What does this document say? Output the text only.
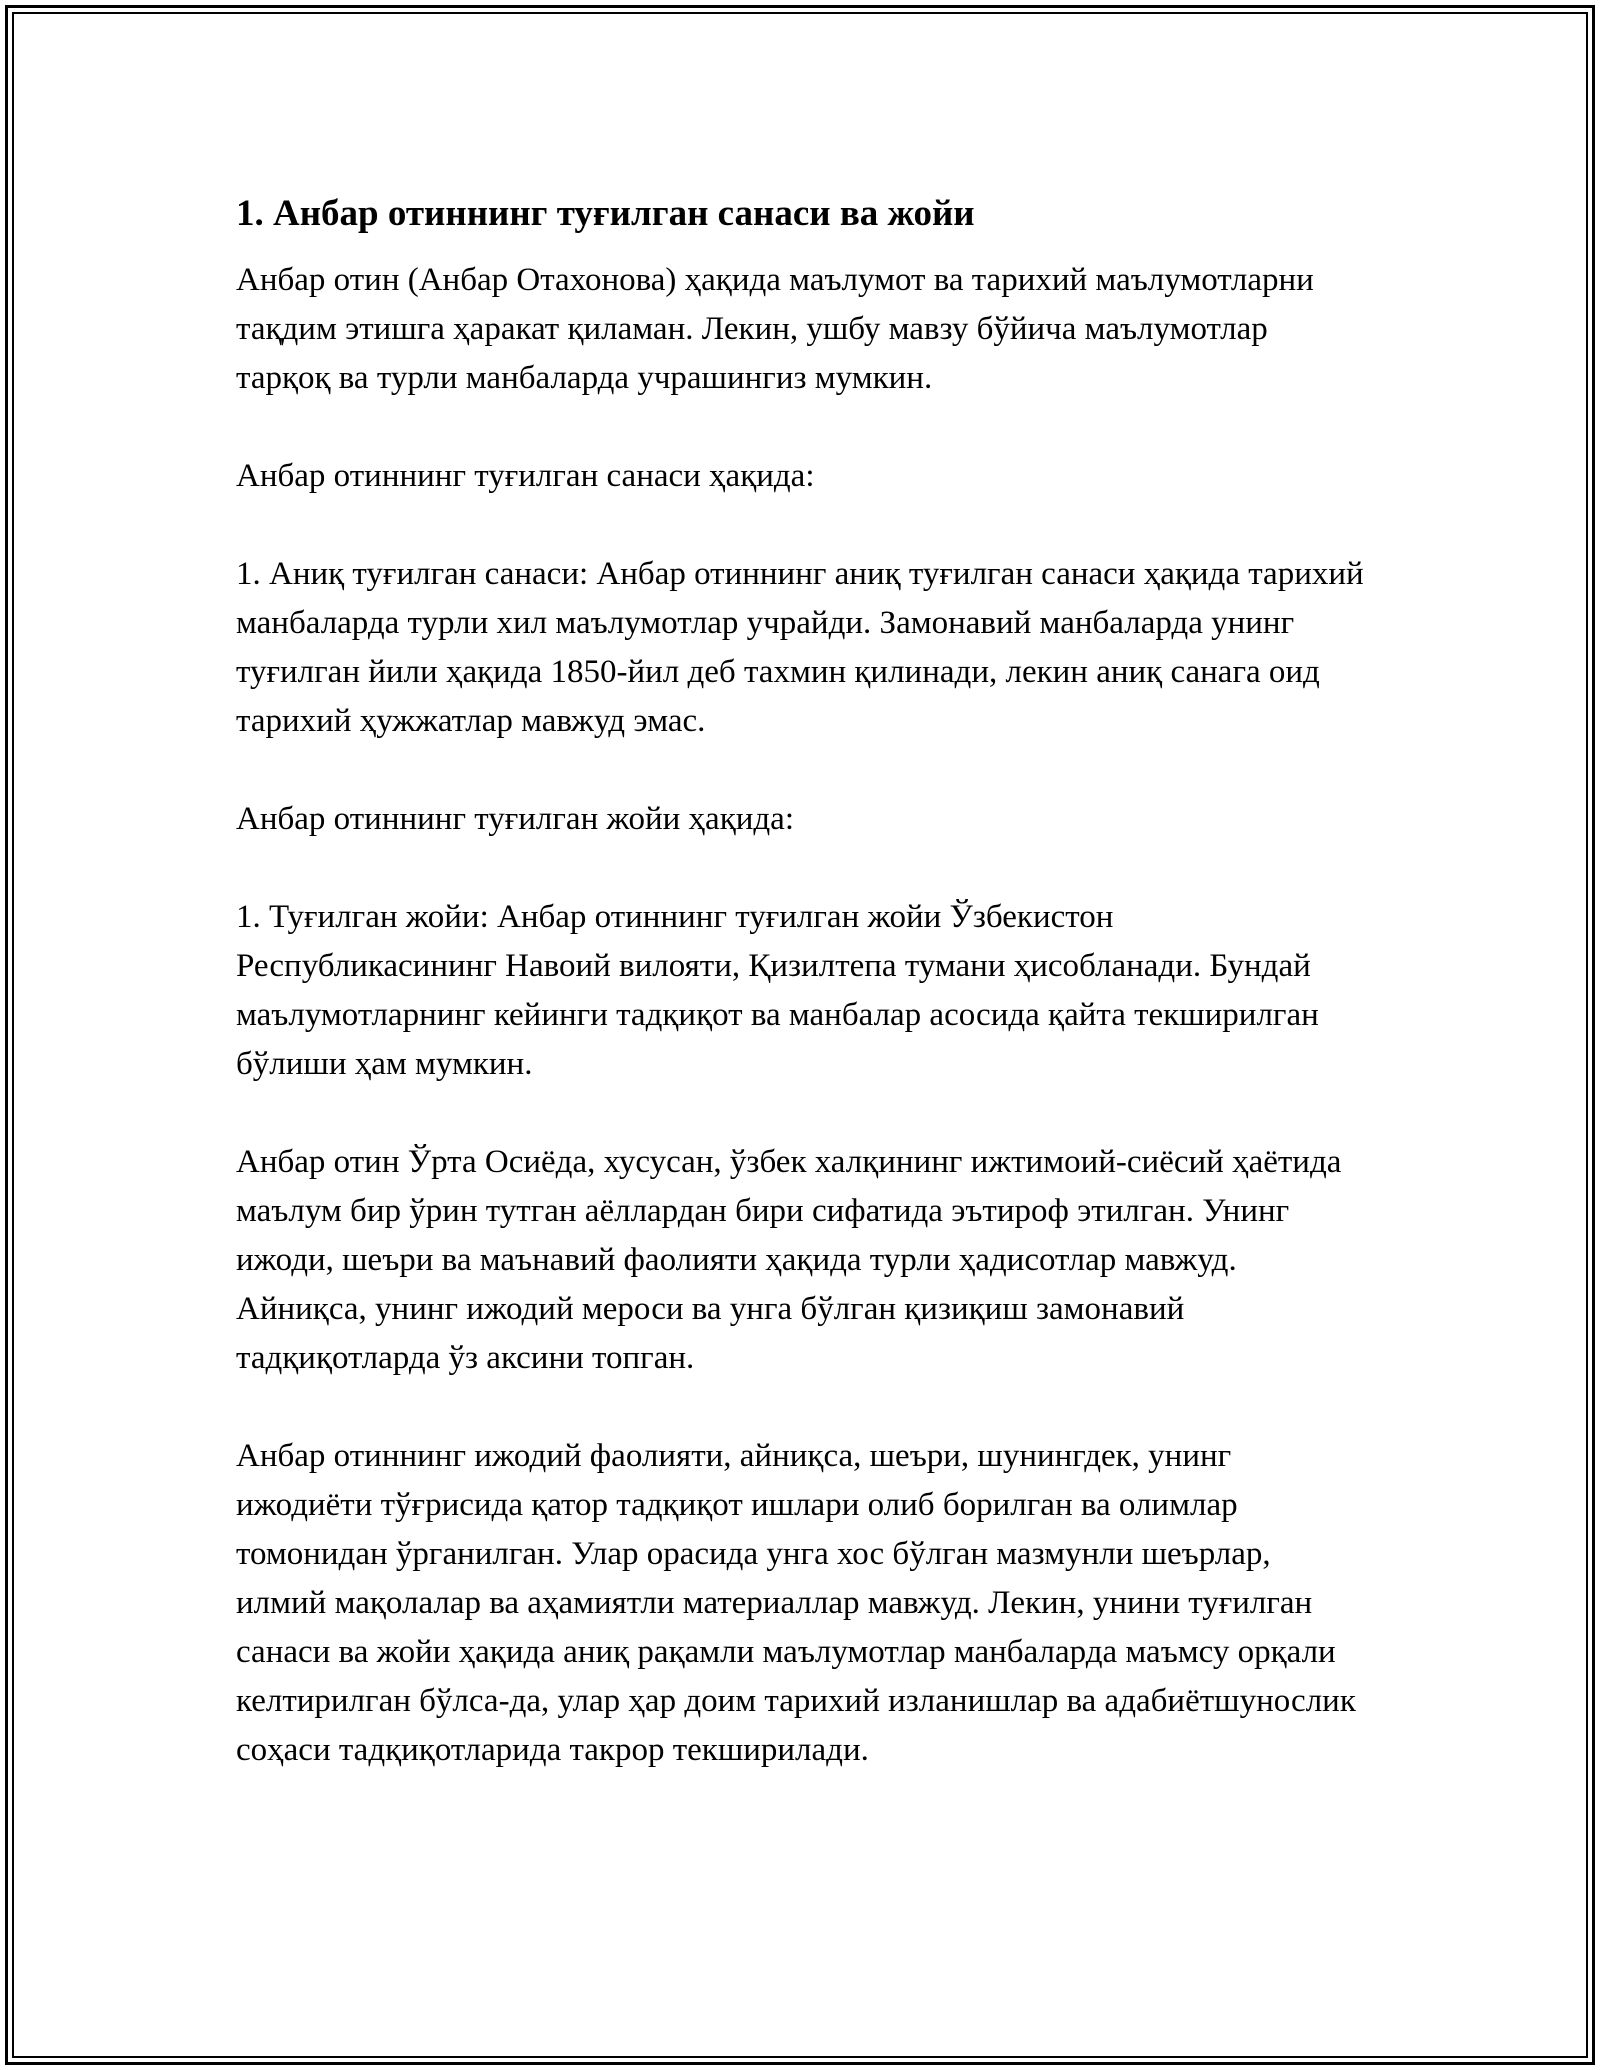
1. Анбар отиннинг туғилган санаси ва жойи

Анбар отин (Анбар Отахонова) ҳақида маълумот ва тарихий маълумотларни тақдим этишга ҳаракат қиламан. Лекин, ушбу мавзу бўйича маълумотлар тарқоқ ва турли манбаларда учрашингиз мумкин.

Анбар отиннинг туғилган санаси ҳақида:

1. Аниқ туғилган санаси: Анбар отиннинг аниқ туғилган санаси ҳақида тарихий манбаларда турли хил маълумотлар учрайди. Замонавий манбаларда унинг туғилган йили ҳақида 1850-йил деб тахмин қилинади, лекин аниқ санага оид тарихий ҳужжатлар мавжуд эмас.

Анбар отиннинг туғилган жойи ҳақида:

1. Туғилган жойи: Анбар отиннинг туғилган жойи Ўзбекистон Республикасининг Навоий вилояти, Қизилтепа тумани ҳисобланади. Бундай маълумотларнинг кейинги тадқиқот ва манбалар асосида қайта текширилган бўлиши ҳам мумкин.

Анбар отин Ўрта Осиёда, хусусан, ўзбек халқининг ижтимоий-сиёсий ҳаётида маълум бир ўрин тутган аёллардан бири сифатида эътироф этилган. Унинг ижоди, шеъри ва маънавий фаолияти ҳақида турли ҳадисотлар мавжуд. Айниқса, унинг ижодий мероси ва унга бўлган қизиқиш замонавий тадқиқотларда ўз аксини топган.

Анбар отиннинг ижодий фаолияти, айниқса, шеъри, шунингдек, унинг ижодиёти тўғрисида қатор тадқиқот ишлари олиб борилган ва олимлар томонидан ўрганилган. Улар орасида унга хос бўлган мазмунли шеърлар, илмий мақолалар ва аҳамиятли материаллар мавжуд. Лекин, унини туғилган санаси ва жойи ҳақида аниқ рақамли маълумотлар манбаларда маъмсу орқали келтирилган бўлса-да, улар ҳар доим тарихий изланишлар ва адабиётшунослик соҳаси тадқиқотларида такрор текширилади.
